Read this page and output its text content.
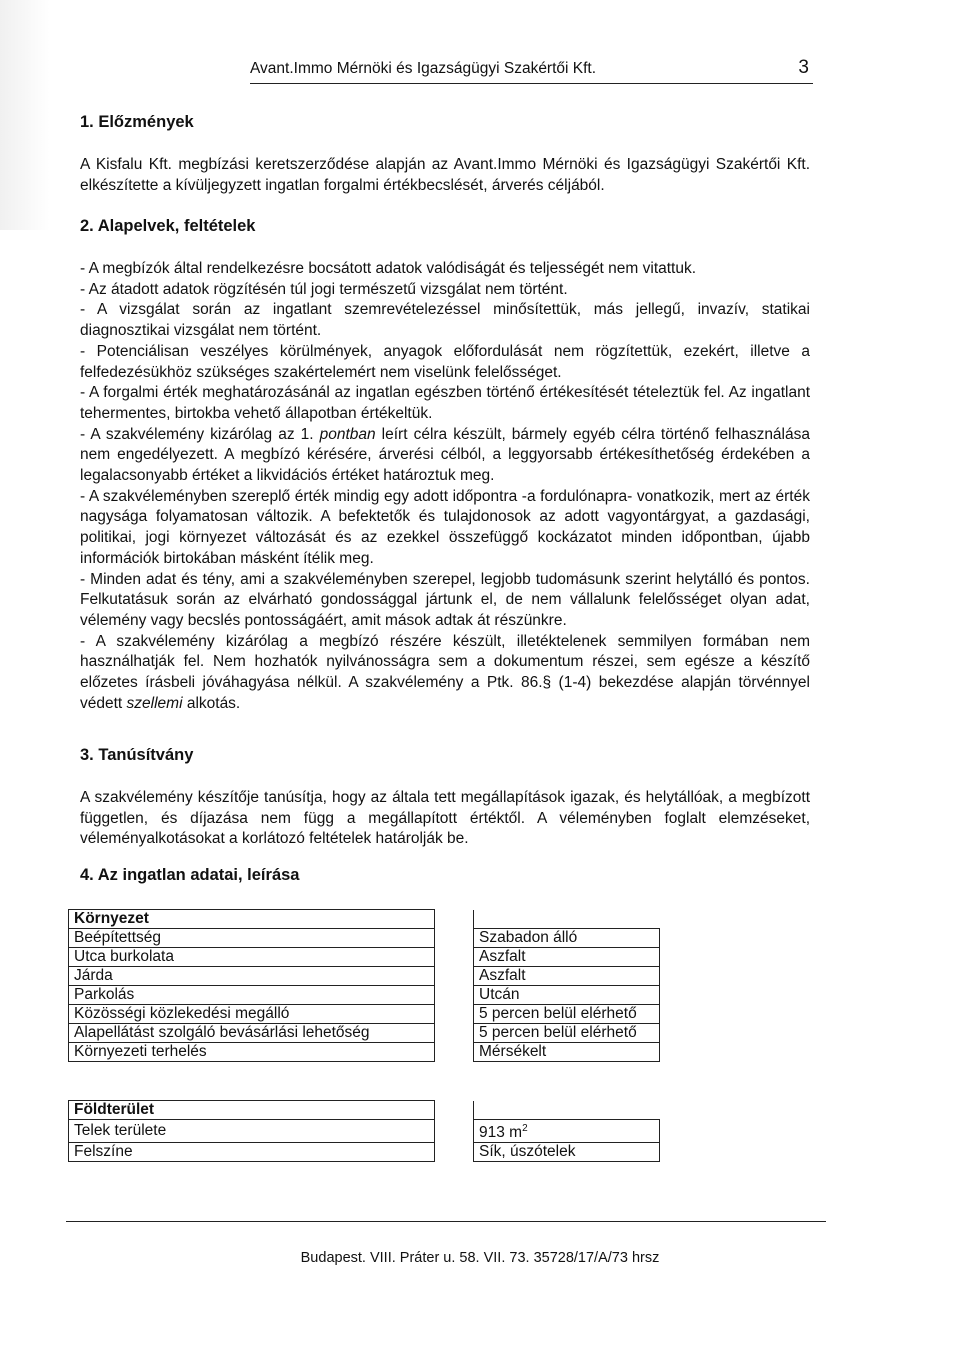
Avant.Immo Mérnöki és Igazságügyi Szakértői Kft.	3
1. Előzmények

A Kisfalu Kft. megbízási keretszerződése alapján az Avant.Immo Mérnöki és Igazságügyi Szakértői Kft. elkészítette a kívüljegyzett ingatlan forgalmi értékbecslését, árverés céljából.

2. Alapelvek, feltételek

- A megbízók által rendelkezésre bocsátott adatok valódiságát és teljességét nem vitattuk.

- Az átadott adatok rögzítésén túl jogi természetű vizsgálat nem történt.

- A vizsgálat során az ingatlant szemrevételezéssel minősítettük, más jellegű, invazív, statikai diagnosztikai vizsgálat nem történt.

- Potenciálisan veszélyes körülmények, anyagok előfordulását nem rögzítettük, ezekért, illetve a felfedezésükhöz szükséges szakértelemért nem viselünk felelősséget.

- A forgalmi érték meghatározásánál az ingatlan egészben történő értékesítését tételeztük fel. Az ingatlant tehermentes, birtokba vehető állapotban értékeltük.

- A szakvélemény kizárólag az 1. pontban leírt célra készült, bármely egyéb célra történő felhasználása nem engedélyezett. A megbízó kérésére, árverési célból, a leggyorsabb értékesíthetőség érdekében a legalacsonyabb értéket a likvidációs értéket határoztuk meg.

- A szakvéleményben szereplő érték mindig egy adott időpontra -a fordulónapra- vonatkozik, mert az érték nagysága folyamatosan változik. A befektetők és tulajdonosok az adott vagyontárgyat, a gazdasági, politikai, jogi környezet változását és az ezekkel összefüggő kockázatot minden időpontban, újabb információk birtokában másként ítélik meg.

- Minden adat és tény, ami a szakvéleményben szerepel, legjobb tudomásunk szerint helytálló és pontos. Felkutatásuk során az elvárható gondossággal jártunk el, de nem vállalunk felelősséget olyan adat, vélemény vagy becslés pontosságáért, amit mások adtak át részünkre.

- A szakvélemény kizárólag a megbízó részére készült, illetéktelenek semmilyen formában nem használhatják fel. Nem hozhatók nyilvánosságra sem a dokumentum részei, sem egésze a készítő előzetes írásbeli jóváhagyása nélkül. A szakvélemény a Ptk. 86.§ (1-4) bekezdése alapján törvénnyel védett szellemi alkotás.

3. Tanúsítvány

A szakvélemény készítője tanúsítja, hogy az általa tett megállapítások igazak, és helytállóak, a megbízott független, és díjazása nem függ a megállapított értéktől. A véleményben foglalt elemzéseket, véleményalkotásokat a korlátozó feltételek határolják be.

4. Az ingatlan adatai, leírása
Környezet		
Beépítettség		Szabadon álló
Utca burkolata		Aszfalt
Járda		Aszfalt
Parkolás		Utcán
Közösségi közlekedési megálló		5 percen belül elérhető
Alapellátást szolgáló bevásárlási lehetőség		5 percen belül elérhető
Környezeti terhelés		Mérsékelt
Földterület		
Telek területe		913 $m^2$
Felszíne		Sík, úszótelek
Budapest. VIII. Práter u. 58. VII. 73. 35728/17/A/73 hrsz
